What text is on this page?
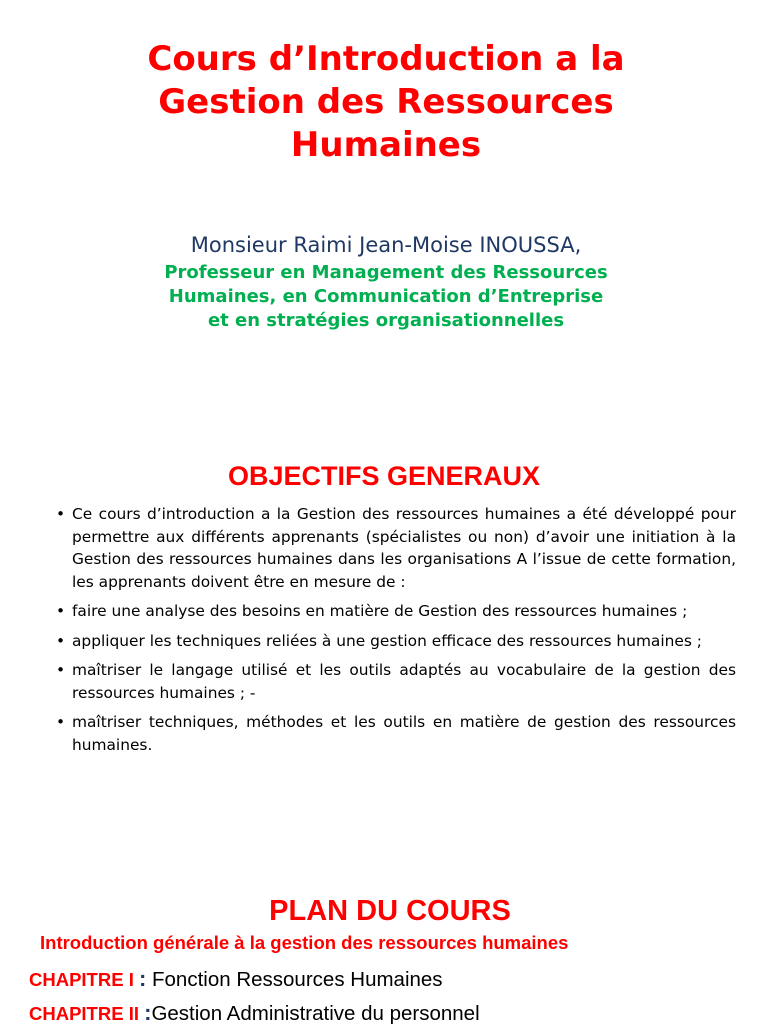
Cours d’Introduction a la
Gestion des Ressources
Humaines
Monsieur Raimi Jean-Moise INOUSSA,
Professeur en Management des Ressources
Humaines, en Communication d’Entreprise
et en stratégies organisationnelles
OBJECTIFS GENERAUX
• Ce cours d’introduction a la Gestion des ressources humaines a été développé pour permettre aux différents apprenants (spécialistes ou non) d’avoir une initiation à la Gestion des ressources humaines dans les organisations A l’issue de cette formation, les apprenants doivent être en mesure de :
• faire une analyse des besoins en matière de Gestion des ressources humaines ;
• appliquer les techniques reliées à une gestion efficace des ressources humaines ;
• maîtriser le langage utilisé et les outils adaptés au vocabulaire de la gestion des ressources humaines ; -
• maîtriser techniques, méthodes et les outils en matière de gestion des ressources humaines.
PLAN DU COURS
Introduction générale à la gestion des ressources humaines
CHAPITRE I : Fonction Ressources Humaines
CHAPITRE II :Gestion Administrative du personnel
